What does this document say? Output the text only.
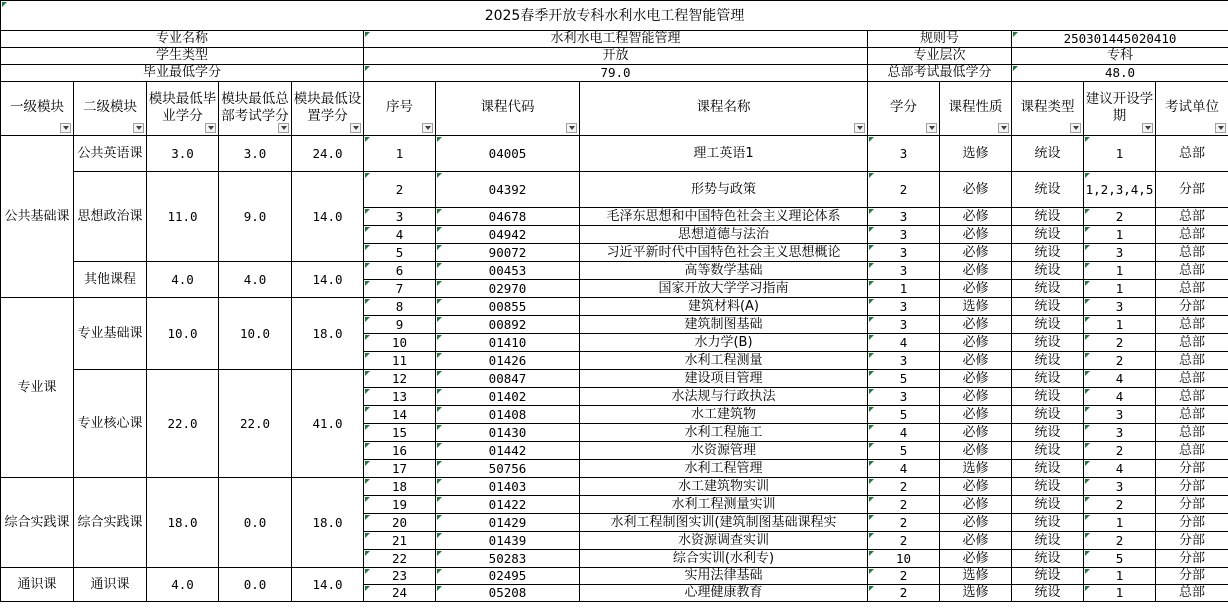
2025春季开放专科水利水电工程智能管理												
专业名称					水利水电工程智能管理			规则号		250301445020410		
学生类型					开放			专业层次		专科		
毕业最低学分					79.0			总部考试最低学分		48.0		

一级模块	二级模块	模块最低毕业学分	模块最低总部考试学分	模块最低设置学分	序号	课程代码	课程名称	学分	课程性质	课程类型	建议开设学期	考试单位

公共基础课	公共英语课	3.0	3.0	24.0	1	04005	理工英语1	3	选修	统设	1	总部
	思想政治课	11.0	9.0	14.0	2	04392	形势与政策	2	必修	统设	1,2,3,4,5	分部
					3	04678	毛泽东思想和中国特色社会主义理论体系	3	必修	统设	2	总部
					4	04942	思想道德与法治	3	必修	统设	1	总部
					5	90072	习近平新时代中国特色社会主义思想概论	3	必修	统设	3	总部
	其他课程	4.0	4.0	14.0	6	00453	高等数学基础	3	必修	统设	1	总部
					7	02970	国家开放大学学习指南	1	必修	统设	1	总部
专业课	专业基础课	10.0	10.0	18.0	8	00855	建筑材料(A)	3	选修	统设	3	分部
					9	00892	建筑制图基础	3	必修	统设	1	总部
					10	01410	水力学(B)	4	必修	统设	2	总部
					11	01426	水利工程测量	3	必修	统设	2	总部
	专业核心课	22.0	22.0	41.0	12	00847	建设项目管理	5	必修	统设	4	总部
					13	01402	水法规与行政执法	3	必修	统设	4	总部
					14	01408	水工建筑物	5	必修	统设	3	总部
					15	01430	水利工程施工	4	必修	统设	3	总部
					16	01442	水资源管理	5	必修	统设	2	总部
					17	50756	水利工程管理	4	选修	统设	4	分部
综合实践课	综合实践课	18.0	0.0	18.0	18	01403	水工建筑物实训	2	必修	统设	3	分部
					19	01422	水利工程测量实训	2	必修	统设	2	分部
					20	01429	水利工程制图实训(建筑制图基础课程实	2	必修	统设	1	分部
					21	01439	水资源调查实训	2	必修	统设	2	分部
					22	50283	综合实训(水利专)	10	必修	统设	5	分部
通识课	通识课	4.0	0.0	14.0	23	02495	实用法律基础	2	选修	统设	1	分部
					24	05208	心理健康教育	2	选修	统设	1	总部
